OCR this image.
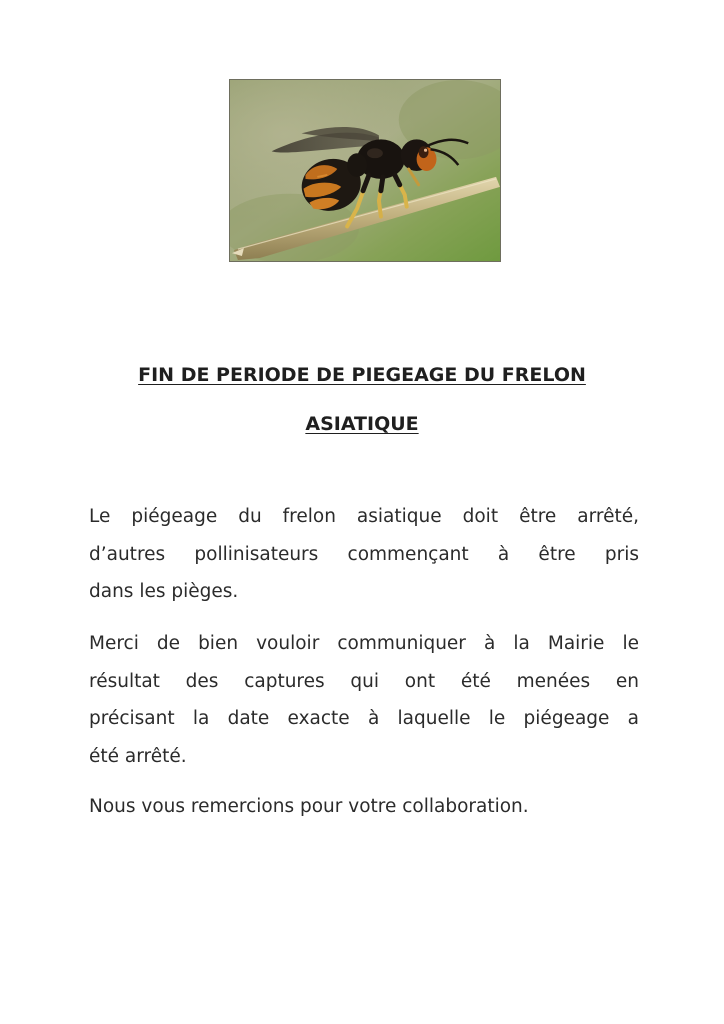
FIN DE PERIODE DE PIEGEAGE DU FRELON
ASIATIQUE

Le piégeage du frelon asiatique doit être arrêté,
d’autres pollinisateurs commençant à être pris
dans les pièges.

Merci de bien vouloir communiquer à la Mairie le
résultat des captures qui ont été menées en
précisant la date exacte à laquelle le piégeage a
été arrêté.

Nous vous remercions pour votre collaboration.
